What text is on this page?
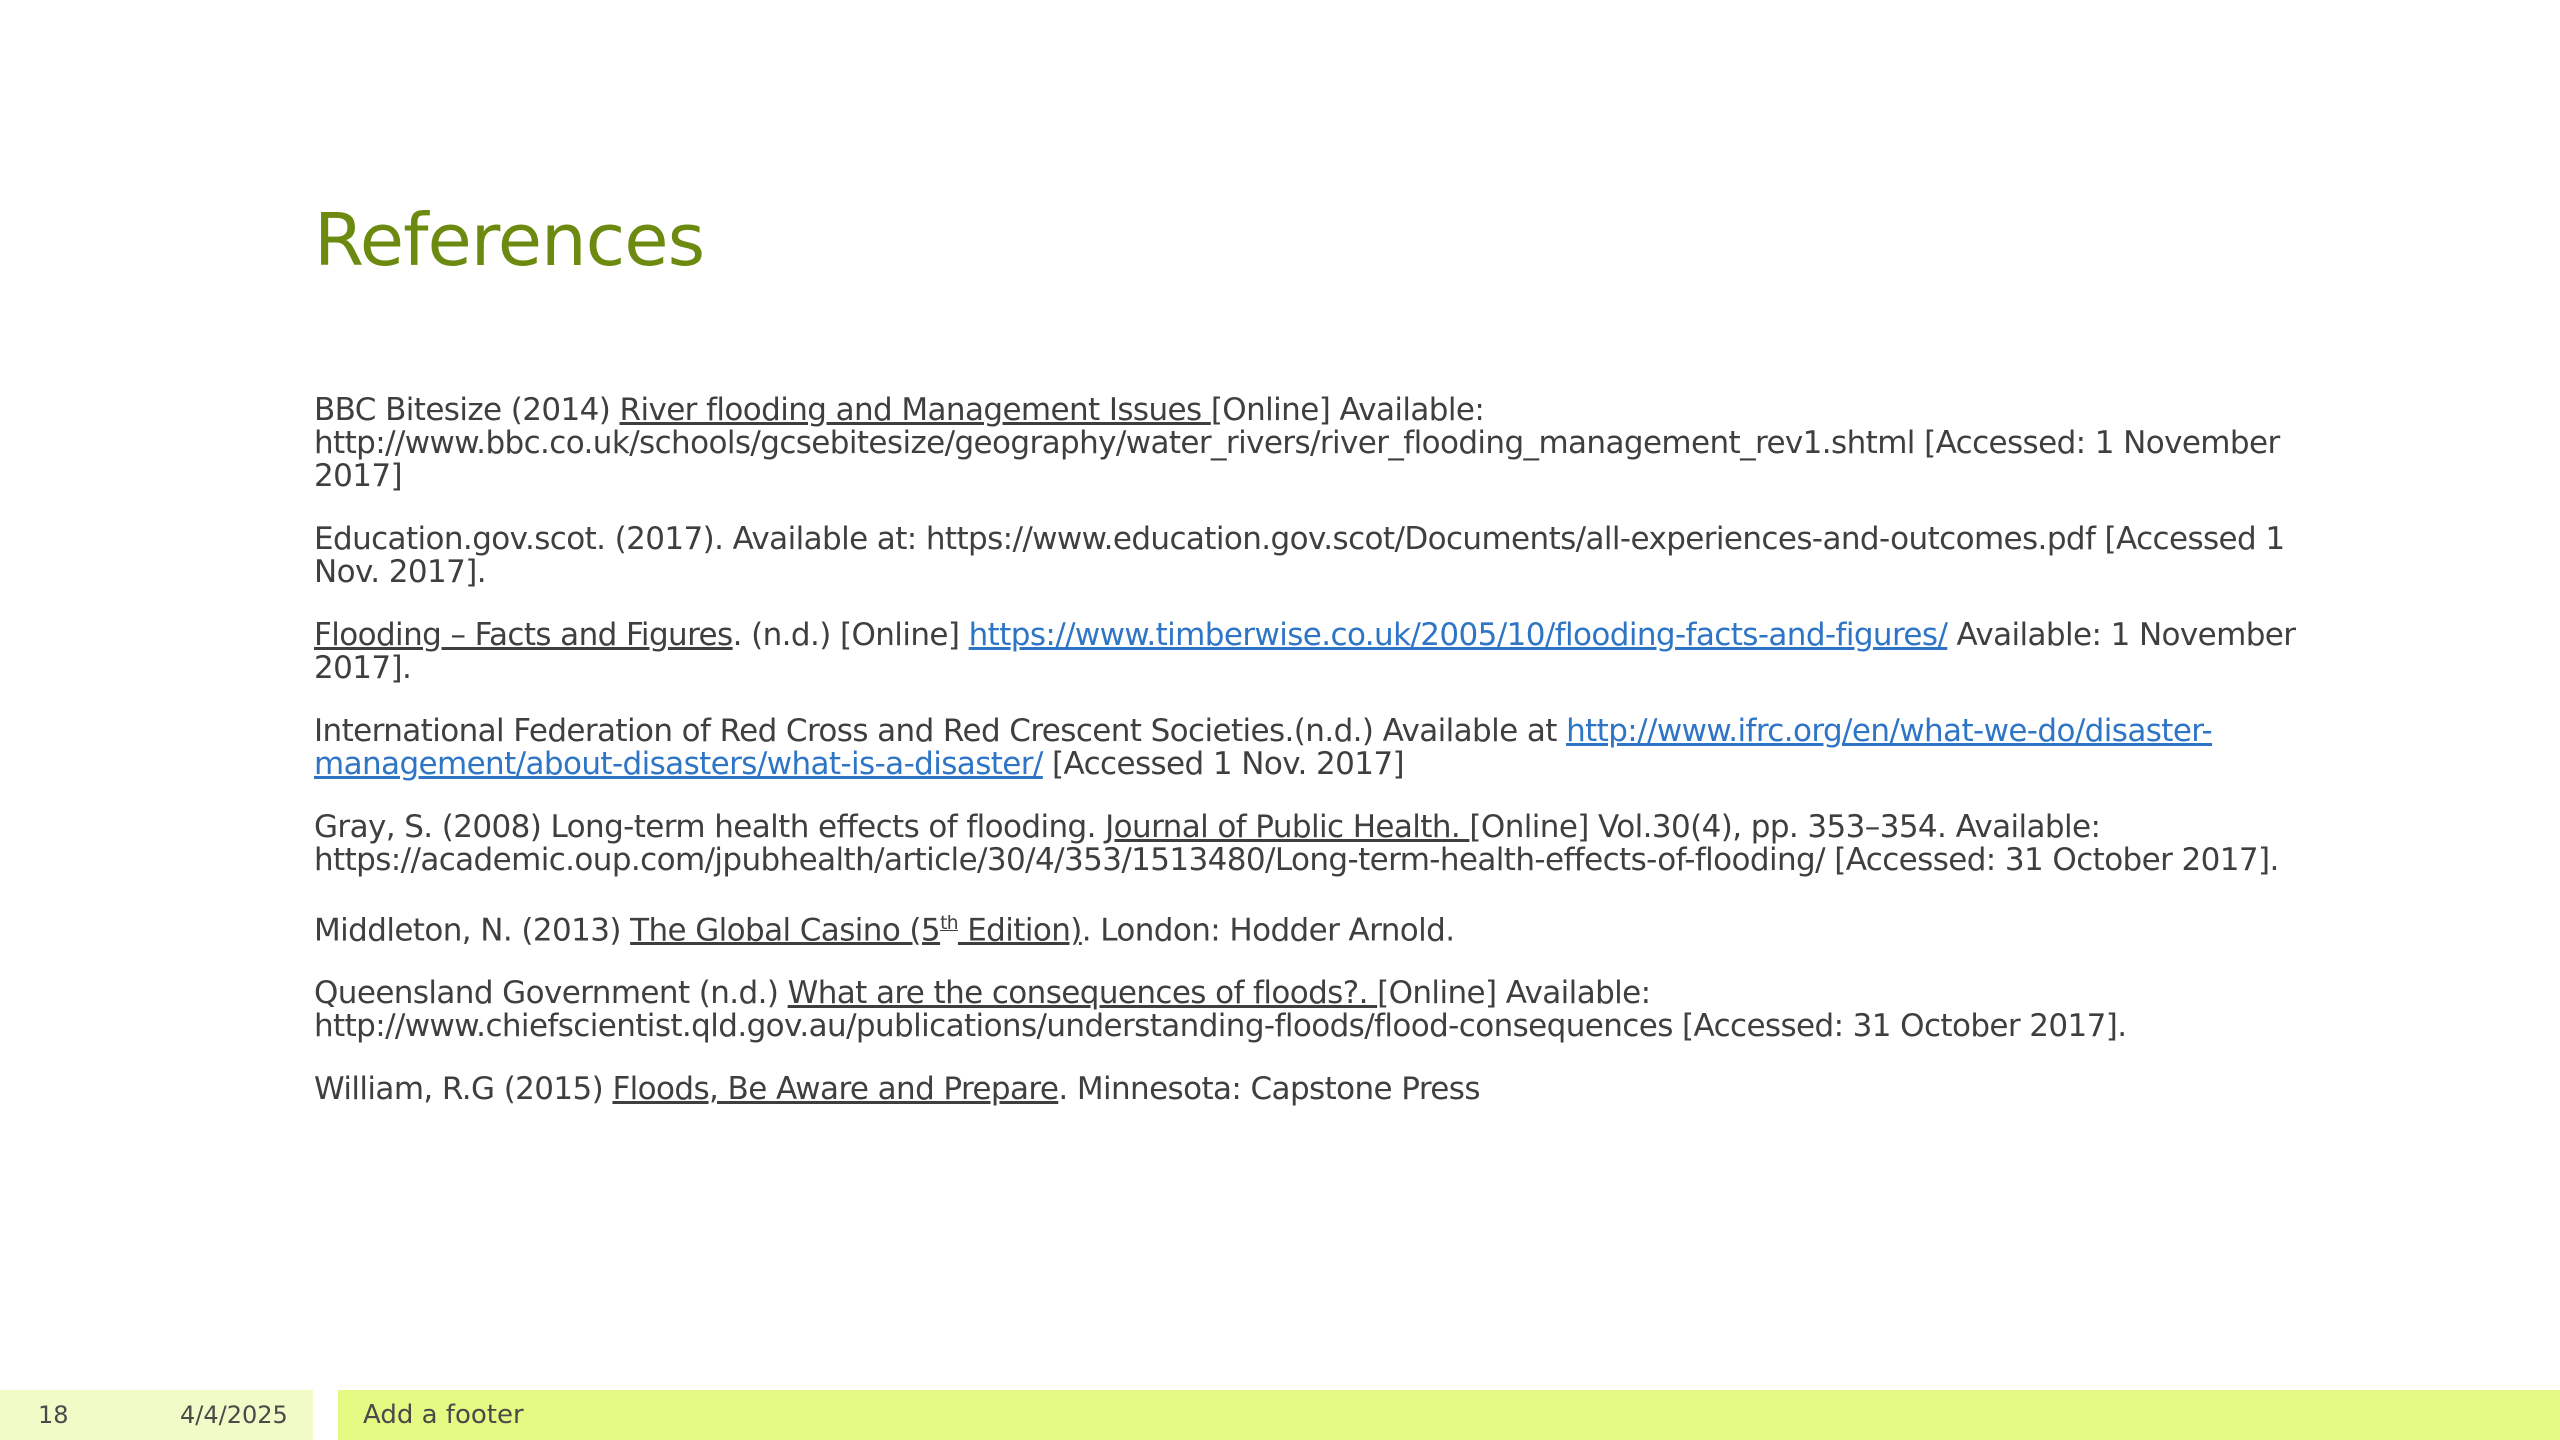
References

BBC Bitesize (2014) River flooding and Management Issues [Online] Available: http://www.bbc.co.uk/schools/gcsebitesize/geography/water_rivers/river_flooding_management_rev1.shtml [Accessed: 1 November 2017]

Education.gov.scot. (2017). Available at: https://www.education.gov.scot/Documents/all-experiences-and-outcomes.pdf [Accessed 1 Nov. 2017].

Flooding – Facts and Figures. (n.d.) [Online] https://www.timberwise.co.uk/2005/10/flooding-facts-and-figures/ Available: 1 November 2017].

International Federation of Red Cross and Red Crescent Societies.(n.d.) Available at http://www.ifrc.org/en/what-we-do/disaster-management/about-disasters/what-is-a-disaster/ [Accessed 1 Nov. 2017]

Gray, S. (2008) Long-term health effects of flooding. Journal of Public Health. [Online] Vol.30(4), pp. 353–354. Available: https://academic.oup.com/jpubhealth/article/30/4/353/1513480/Long-term-health-effects-of-flooding/ [Accessed: 31 October 2017].

Middleton, N. (2013) The Global Casino (5th Edition). London: Hodder Arnold.

Queensland Government (n.d.) What are the consequences of floods?. [Online] Available: http://www.chiefscientist.qld.gov.au/publications/understanding-floods/flood-consequences [Accessed: 31 October 2017].

William, R.G (2015) Floods, Be Aware and Prepare. Minnesota: Capstone Press

18	4/4/2025	Add a footer
